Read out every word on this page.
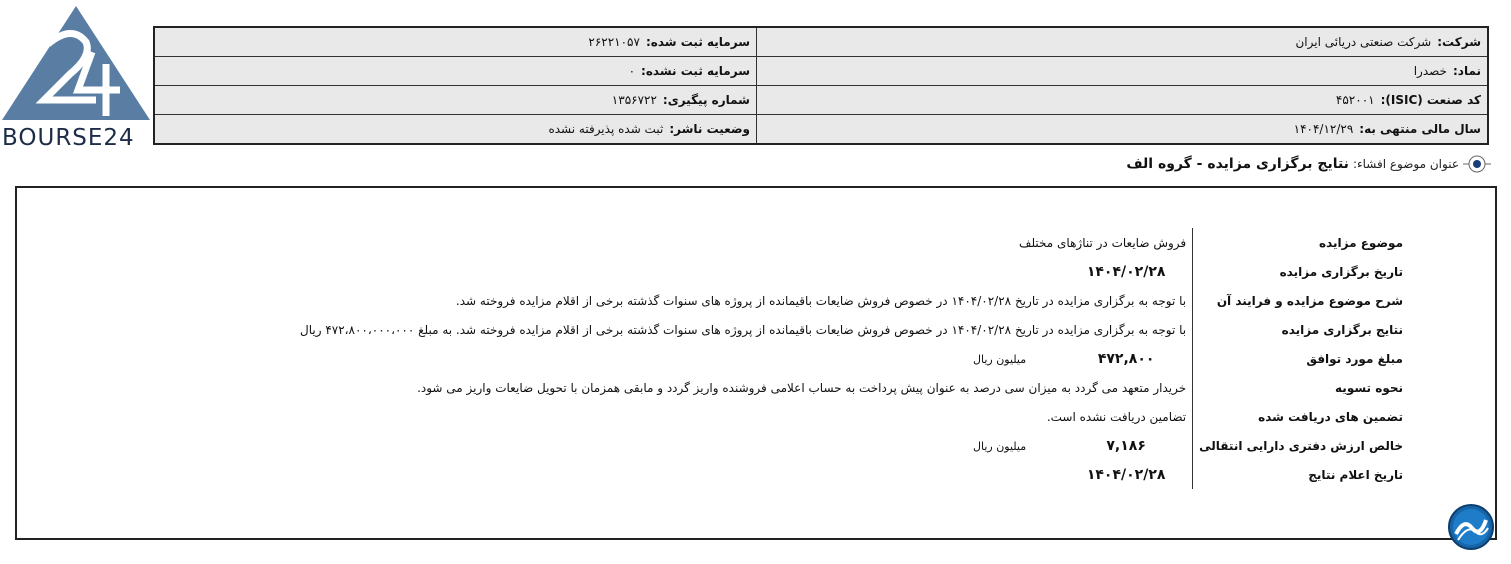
BOURSE24
شرکت:شرکت صنعتی دریائی ایران	سرمایه ثبت شده:۲۶۲۲۱۰۵۷
نماد:خصدرا	سرمایه ثبت نشده:۰
کد صنعت (ISIC):۴۵۲۰۰۱	شماره پیگیری:۱۳۵۶۷۲۲
سال مالی منتهی به:۱۴۰۴/۱۲/۲۹	وضعیت ناشر:ثبت شده پذیرفته نشده
عنوان موضوع افشاء:
نتایج برگزاری مزایده - گروه الف
موضوع مزایده	فروش ضایعات در تناژهای مختلف
تاریخ برگزاری مزایده	۱۴۰۴/۰۲/۲۸
شرح موضوع مزایده و فرایند آن	با توجه به برگزاری مزایده در تاریخ ۱۴۰۴/۰۲/۲۸ در خصوص فروش ضایعات باقیمانده از پروژه های سنوات گذشته برخی از اقلام مزایده فروخته شد.
نتایج برگزاری مزایده	با توجه به برگزاری مزایده در تاریخ ۱۴۰۴/۰۲/۲۸ در خصوص فروش ضایعات باقیمانده از پروژه های سنوات گذشته برخی از اقلام مزایده فروخته شد. به مبلغ ۴۷۲،۸۰۰،۰۰۰،۰۰۰ ریال
مبلغ مورد توافق	۴۷۲,۸۰۰میلیون ریال
نحوه تسویه	خریدار متعهد می گردد به میزان سی درصد به عنوان پیش پرداخت به حساب اعلامی فروشنده واریز گردد و مابقی همزمان با تحویل ضایعات واریز می شود.
تضمین های دریافت شده	تضامین دریافت نشده است.
خالص ارزش دفتری دارایی انتقالی	۷,۱۸۶میلیون ریال
تاریخ اعلام نتایج	۱۴۰۴/۰۲/۲۸
